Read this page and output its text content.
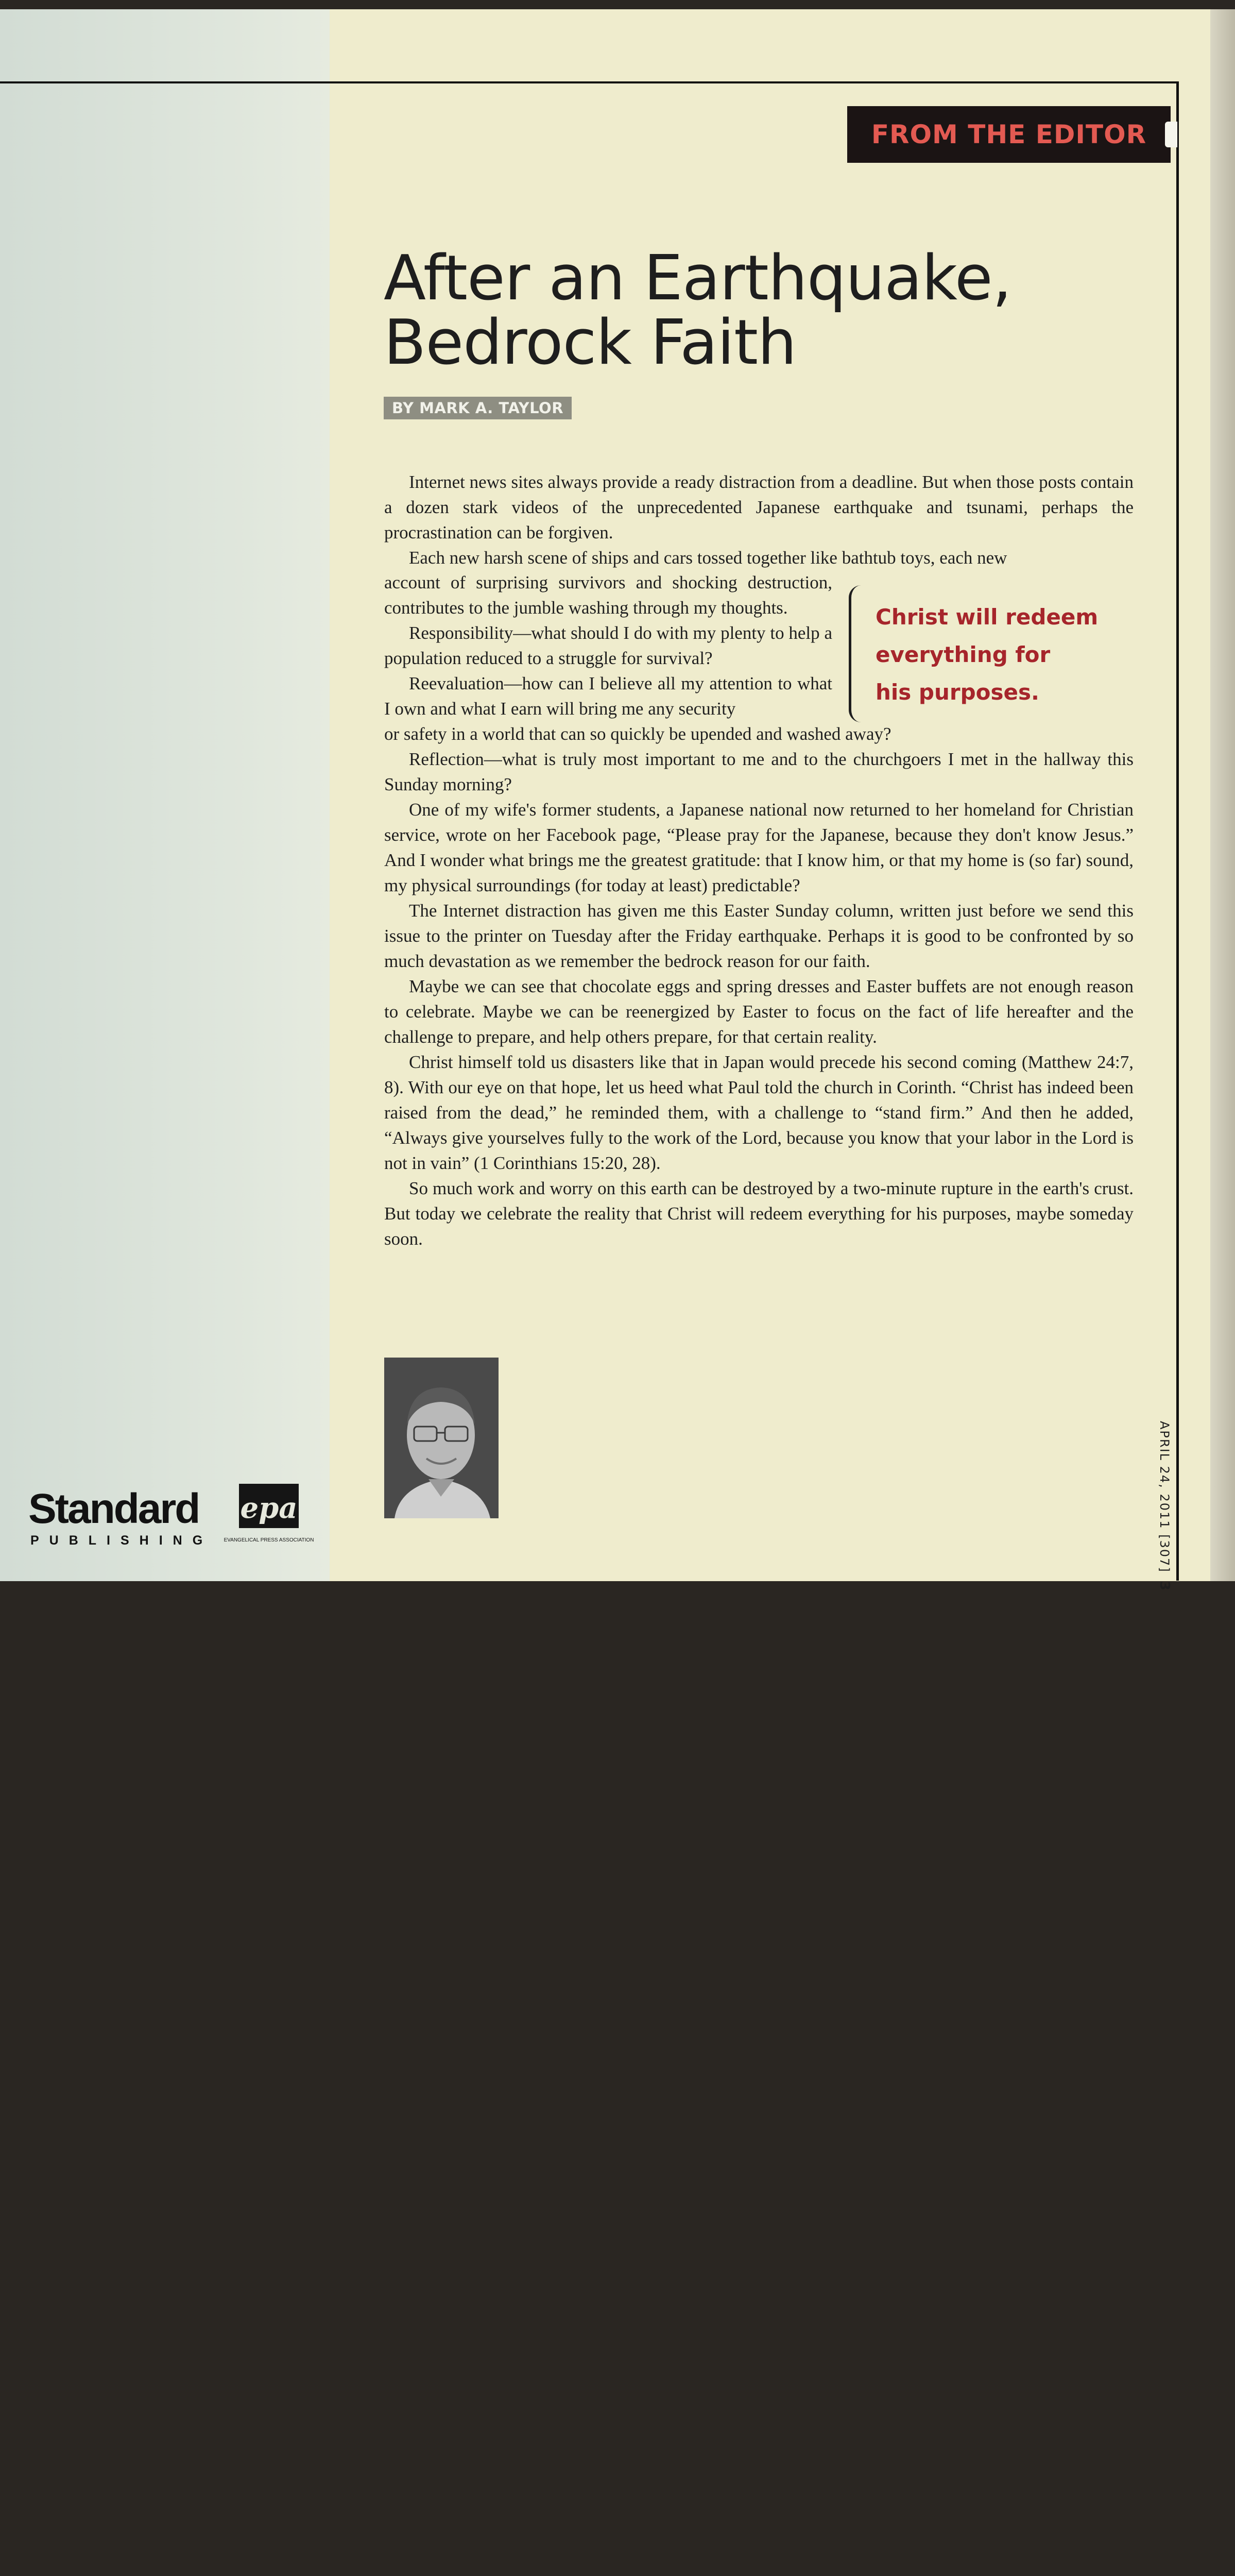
Standard
PUBLISHING
epa
EVANGELICAL PRESS ASSOCIATION
FROM THE EDITOR
After an Earthquake,
Bedrock Faith
BY MARK A. TAYLOR

Internet news sites always provide a ready distraction from a deadline. But when those posts contain a dozen stark videos of the unprecedented Japanese earthquake and tsunami, perhaps the procrastination can be forgiven.

Each new harsh scene of ships and cars tossed together like bathtub toys, each new

account of surprising survivors and shocking destruction, contributes to the jumble washing through my thoughts.

Responsibility—what should I do with my plenty to help a population reduced to a struggle for survival?

Reevaluation—how can I believe all my attention to what I own and what I earn will bring me any security

Christ will redeem
everything for
his purposes.

or safety in a world that can so quickly be upended and washed away?

Reflection—what is truly most important to me and to the churchgoers I met in the hallway this Sunday morning?

One of my wife's former students, a Japanese national now returned to her homeland for Christian service, wrote on her Facebook page, “Please pray for the Japanese, because they don't know Jesus.” And I wonder what brings me the greatest gratitude: that I know him, or that my home is (so far) sound, my physical surroundings (for today at least) predictable?

The Internet distraction has given me this Easter Sunday column, written just before we send this issue to the printer on Tuesday after the Friday earthquake. Perhaps it is good to be confronted by so much devastation as we remember the bedrock reason for our faith.

Maybe we can see that chocolate eggs and spring dresses and Easter buffets are not enough reason to celebrate. Maybe we can be reenergized by Easter to focus on the fact of life hereafter and the challenge to prepare, and help others prepare, for that certain reality.

Christ himself told us disasters like that in Japan would precede his second coming (Matthew 24:7, 8). With our eye on that hope, let us heed what Paul told the church in Corinth. “Christ has indeed been raised from the dead,” he reminded them, with a challenge to “stand firm.” And then he added, “Always give yourselves fully to the work of the Lord, because you know that your labor in the Lord is not in vain” (1 Corinthians 15:20, 28).

So much work and worry on this earth can be destroyed by a two-minute rupture in the earth's crust. But today we celebrate the reality that Christ will redeem everything for his purposes, maybe someday soon.

APRIL 24, 2011 [307]3
